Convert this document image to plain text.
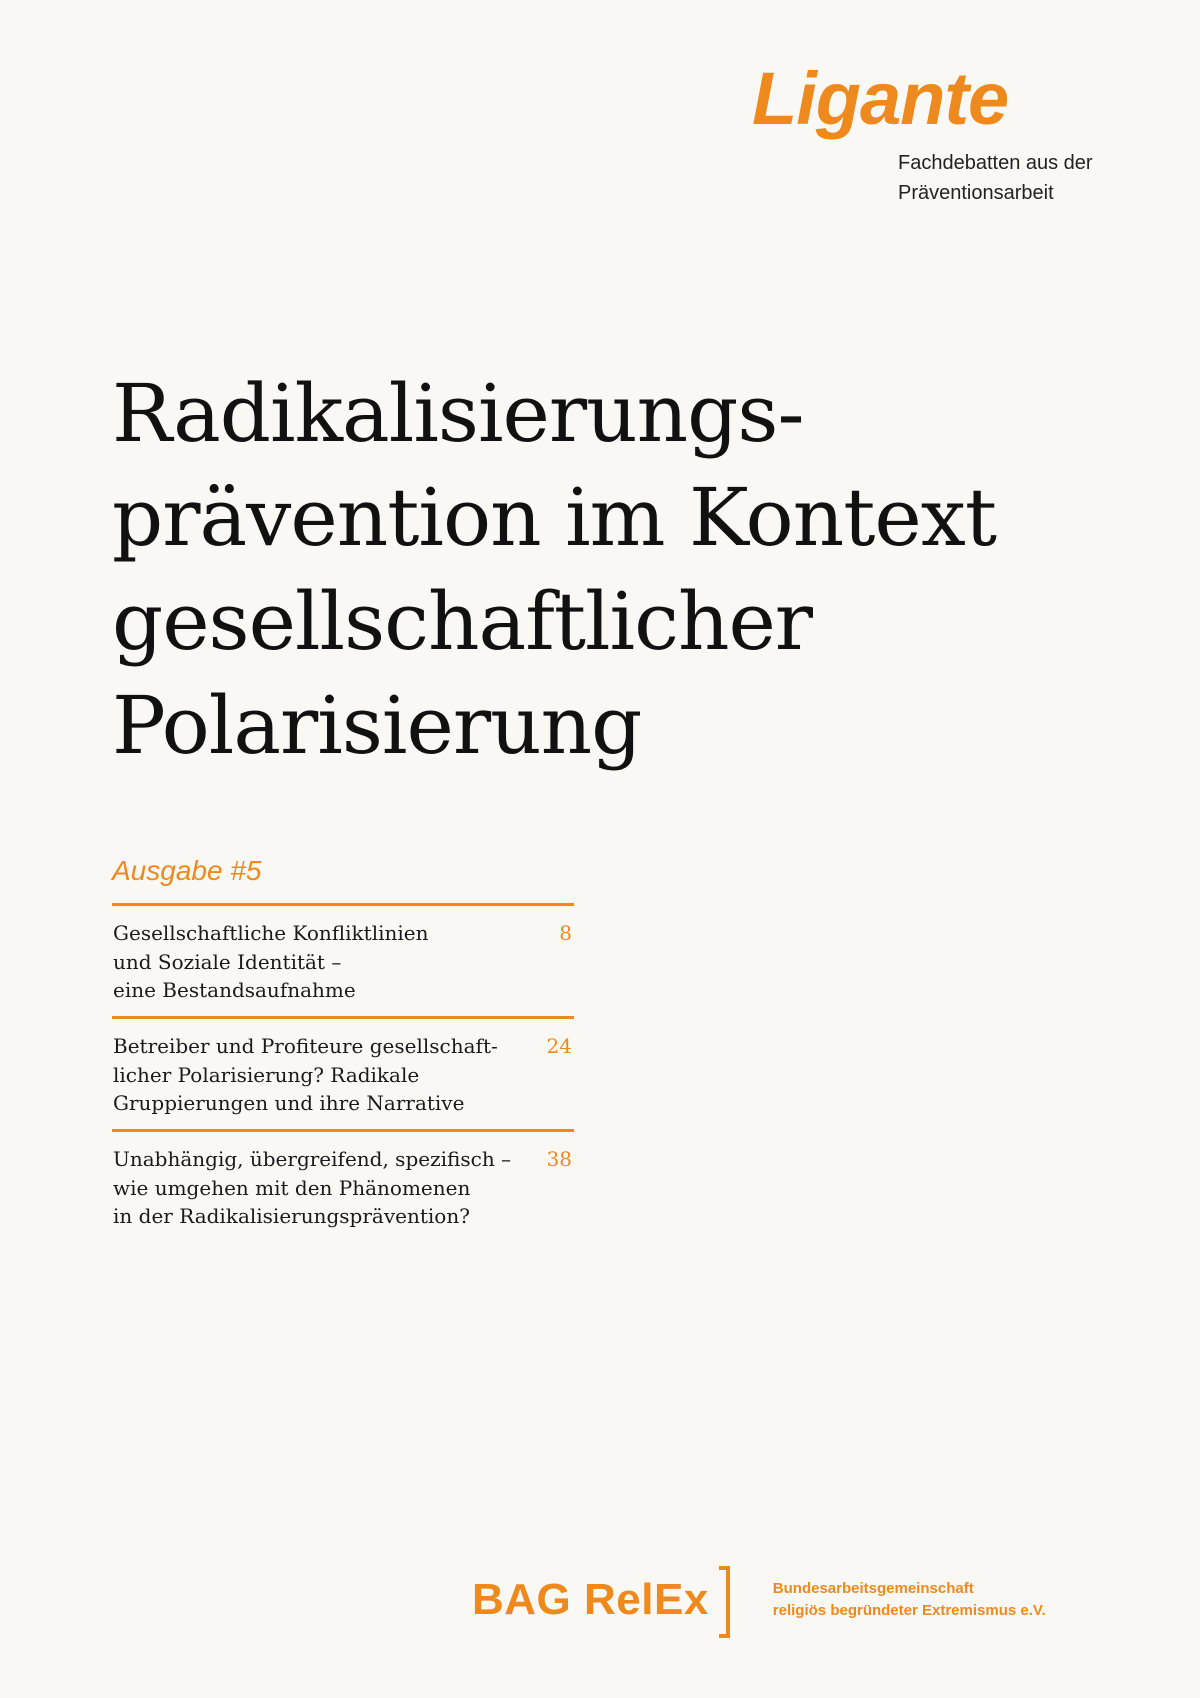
Ligante
Fachdebatten aus der
Präventionsarbeit
Radikalisierungs-
prävention im Kontext
gesellschaftlicher
Polarisierung
Ausgabe #5
Gesellschaftliche Konfliktlinien
und Soziale Identität –
eine Bestandsaufnahme
8
Betreiber und Profiteure gesellschaft-
licher Polarisierung? Radikale
Gruppierungen und ihre Narrative
24
Unabhängig, übergreifend, spezifisch –
wie umgehen mit den Phänomenen
in der Radikalisierungsprävention?
38
BAG RelEx	Bundesarbeitsgemeinschaft
religiös begründeter Extremismus e.V.
